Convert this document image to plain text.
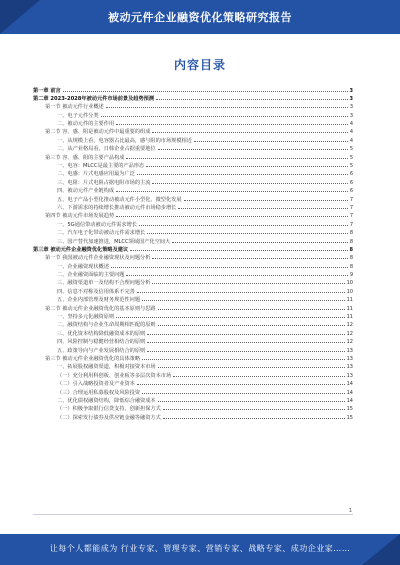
被动元件企业融资优化策略研究报告
内容目录
第一章 前言	3
第二章 2023-2028年被动元件市场前景及趋势预测	3
第一节 被动元件行业概述	3
一、电子元件分类	3
二、被动元件的主要作用	4
第二节 容、感、阻是被动元件中最重要的组成	4
一、从规模上看，电容器占比最高，感与阻的市场规模相近	4
二、从产业格局看，日韩企业占据重要地位	5
第三节 容、感、阻的主要产品构成	5
一、电容：MLCC是最主要的产品形态	5
二、电感：片式电感应用最为广泛	6
三、电阻：片式电阻占据电阻市场的主流	6
四、被动元件产业链构成	6
五、电子产品小型化推动被动元件小型化、微型化发展	7
六、下游需求的持续增长推动被动元件市场稳步增长	7
第四节 被动元件市场发展趋势	7
一、5G通信带动被动元件需求增长	7
二、汽车电子化带动被动元件需求增长	8
三、国产替代加速推进，MLCC领域国产化空间大	8
第三章 被动元件企业融资优化策略及建议	8
第一节 我国被动元件企业融资现状及问题分析	8
一、企业融资现状概述	8
二、企业融资面临的主要问题	9
三、融资渠道单一及结构不合理问题分析	10
四、信息不对称及信用体系不完善	10
五、企业内部管理及财务规范性问题	11
第二节 被动元件企业融资优化的基本原则与思路	11
一、坚持多元化融资原则	11
二、融资结构与企业生命周期相匹配的原则	12
三、优化资本结构降低融资成本的原则	12
四、风险控制与稳健经营相结合的原则	12
五、政策导向与产业发展相结合的原则	13
第三节 被动元件企业融资优化的具体策略	13
一、拓展股权融资渠道，积极对接资本市场	13
（一）充分利用科创板、创业板等多层次资本市场	13
（二）引入战略投资者及产业资本	14
（三）合理运用私募股权及风险投资	14
二、优化债权融资结构，降低综合融资成本	14
（一）积极争取银行信贷支持，创新担保方式	15
（二）探索发行债券及供应链金融等融资方式	15
1
让每个人都能成为 行业专家、管理专家、营销专家、战略专家、成功企业家……
